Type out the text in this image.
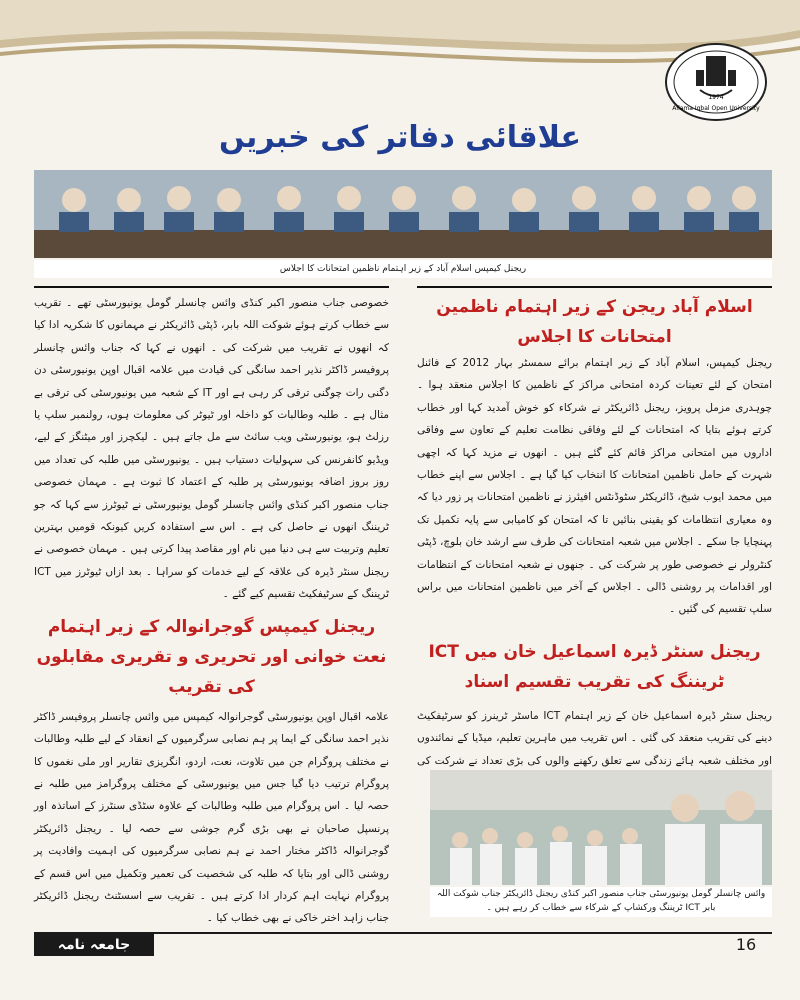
Allama Iqbal Open University
1974
علاقائی دفاتر کی خبریں
ریجنل کیمپس اسلام آباد کے زیر اہتمام ناظمین امتحانات کا اجلاس
اسلام آباد ریجن کے زیر اہتمام ناظمین امتحانات کا اجلاس

ریجنل کیمپس، اسلام آباد کے زیر اہتمام برائے سمسٹر بہار 2012 کے فائنل امتحان کے لئے تعینات کردہ امتحانی مراکز کے ناظمین کا اجلاس منعقد ہوا ۔ چوہدری مزمل پرویز، ریجنل ڈائریکٹر نے شرکاء کو خوش آمدید کہا اور خطاب کرتے ہوئے بتایا کہ امتحانات کے لئے وفاقی نظامت تعلیم کے تعاون سے وفاقی اداروں میں امتحانی مراکز قائم کئے گئے ہیں ۔ انھوں نے مزید کہا کہ اچھی شہرت کے حامل ناظمین امتحانات کا انتخاب کیا گیا ہے ۔ اجلاس سے اپنے خطاب میں محمد ایوب شیخ، ڈائریکٹر سٹوڈنٹس افیئرز نے ناظمین امتحانات پر زور دیا کہ وہ معیاری انتظامات کو یقینی بنائیں تا کہ امتحان کو کامیابی سے پایہ تکمیل تک پہنچایا جا سکے ۔ اجلاس میں شعبہ امتحانات کی طرف سے ارشد خان بلوچ، ڈپٹی کنٹرولر نے خصوصی طور پر شرکت کی ۔ جنھوں نے شعبہ امتحانات کے انتظامات اور اقدامات پر روشنی ڈالی ۔ اجلاس کے آخر میں ناظمین امتحانات میں براس سلپ تقسیم کی گئیں ۔

ریجنل سنٹر ڈیرہ اسماعیل خان میں ICT ٹریننگ کی تقریب تقسیم اسناد

ریجنل سنٹر ڈیرہ اسماعیل خان کے زیر اہتمام ICT ماسٹر ٹرینرز کو سرٹیفکیٹ دینے کی تقریب منعقد کی گئی ۔ اس تقریب میں ماہرین تعلیم، میڈیا کے نمائندوں اور مختلف شعبہ ہائے زندگی سے تعلق رکھنے والوں کی بڑی تعداد نے شرکت کی

خصوصی جناب منصور اکبر کنڈی وائس چانسلر گومل یونیورسٹی تھے ۔ تقریب سے خطاب کرتے ہوئے شوکت اللہ بابر، ڈپٹی ڈائریکٹر نے مہمانوں کا شکریہ ادا کیا کہ انھوں نے تقریب میں شرکت کی ۔ انھوں نے کہا کہ جناب وائس چانسلر پروفیسر ڈاکٹر نذیر احمد سانگی کی قیادت میں علامہ اقبال اوپن یونیورسٹی دن دگنی رات چوگنی ترقی کر رہی ہے اور IT کے شعبہ میں یونیورسٹی کی ترقی بے مثال ہے ۔ طلبہ وطالبات کو داخلہ اور ٹیوٹر کی معلومات ہوں، رولنمبر سلپ یا رزلٹ ہو، یونیورسٹی ویب سائٹ سے مل جاتے ہیں ۔ لیکچرز اور میٹنگز کے لیے، ویڈیو کانفرنس کی سہولیات دستیاب ہیں ۔ یونیورسٹی میں طلبہ کی تعداد میں روز بروز اضافہ یونیورسٹی پر طلبہ کے اعتماد کا ثبوت ہے ۔ مہمان خصوصی جناب منصور اکبر کنڈی وائس چانسلر گومل یونیورسٹی نے ٹیوٹرز سے کہا کہ جو ٹریننگ انھوں نے حاصل کی ہے ۔ اس سے استفادہ کریں کیونکہ قومیں بہترین تعلیم وتربیت سے ہی دنیا میں نام اور مقاصد پیدا کرتی ہیں ۔ مہمان خصوصی نے ریجنل سنٹر ڈیرہ کی علاقہ کے لیے خدمات کو سراہا ۔ بعد ازاں ٹیوٹرز میں ICT ٹریننگ کے سرٹیفکیٹ تقسیم کیے گئے ۔

ریجنل کیمپس گوجرانوالہ کے زیر اہتمام نعت خوانی اور تحریری و تقریری مقابلوں کی تقریب

علامہ اقبال اوپن یونیورسٹی گوجرانوالہ کیمپس میں وائس چانسلر پروفیسر ڈاکٹر نذیر احمد سانگی کے ایما پر ہم نصابی سرگرمیوں کے انعقاد کے لیے طلبہ وطالبات نے مختلف پروگرام جن میں تلاوت، نعت، اردو، انگریزی تقاریر اور ملی نغموں کا پروگرام ترتیب دیا گیا جس میں یونیورسٹی کے مختلف پروگرامز میں طلبہ نے حصہ لیا ۔ اس پروگرام میں طلبہ وطالبات کے علاوہ سٹڈی سنٹرز کے اساتذہ اور پرنسپل صاحبان نے بھی بڑی گرم جوشی سے حصہ لیا ۔ ریجنل ڈائریکٹر گوجرانوالہ ڈاکٹر مختار احمد نے ہم نصابی سرگرمیوں کی اہمیت وافادیت پر روشنی ڈالی اور بتایا کہ طلبہ کی شخصیت کی تعمیر وتکمیل میں اس قسم کے پروگرام نہایت اہم کردار ادا کرتے ہیں ۔ تقریب سے اسسٹنٹ ریجنل ڈائریکٹر جناب زاہد اختر خاکی نے بھی خطاب کیا ۔

وائس چانسلر گومل یونیورسٹی جناب منصور اکبر کنڈی ریجنل ڈائریکٹر جناب شوکت اللہ بابر ICT ٹریننگ ورکشاپ کے شرکاء سے خطاب کر رہے ہیں ۔
جامعہ نامہ	16
